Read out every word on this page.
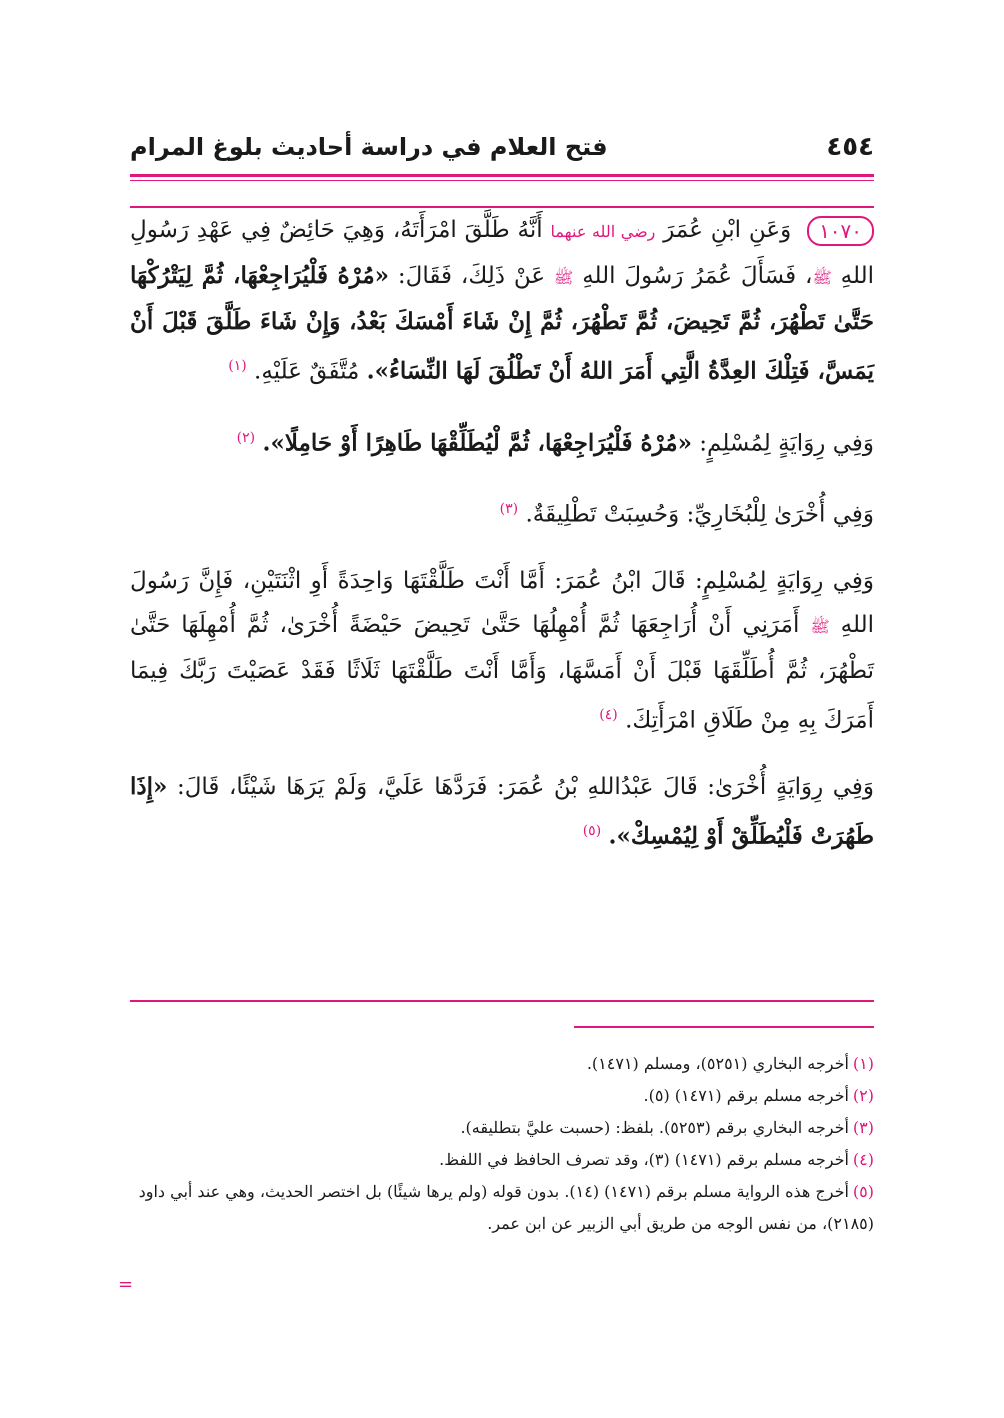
٤٥٤
فتح العلام في دراسة أحاديث بلوغ المرام

١٠٧٠ وَعَنِ ابْنِ عُمَرَ رضي الله عنهما أَنَّهُ طَلَّقَ امْرَأَتَهُ، وَهِيَ حَائِضٌ فِي عَهْدِ رَسُولِ اللهِ ﷺ، فَسَأَلَ عُمَرُ رَسُولَ اللهِ ﷺ عَنْ ذَلِكَ، فَقَالَ: «مُرْهُ فَلْيُرَاجِعْهَا، ثُمَّ لِيَتْرُكْهَا حَتَّىٰ تَطْهُرَ، ثُمَّ تَحِيضَ، ثُمَّ تَطْهُرَ، ثُمَّ إِنْ شَاءَ أَمْسَكَ بَعْدُ، وَإِنْ شَاءَ طَلَّقَ قَبْلَ أَنْ يَمَسَّ، فَتِلْكَ العِدَّةُ الَّتِي أَمَرَ اللهُ أَنْ تَطْلُقَ لَهَا النِّسَاءُ». مُتَّفَقٌ عَلَيْهِ. $^{(١)}$

وَفِي رِوَايَةٍ لِمُسْلِمٍ: «مُرْهُ فَلْيُرَاجِعْهَا، ثُمَّ لْيُطَلِّقْهَا طَاهِرًا أَوْ حَامِلًا». $^{(٢)}$

وَفِي أُخْرَىٰ لِلْبُخَارِيِّ: وَحُسِبَتْ تَطْلِيقَةٌ. $^{(٣)}$

وَفِي رِوَايَةٍ لِمُسْلِمٍ: قَالَ ابْنُ عُمَرَ: أَمَّا أَنْتَ طَلَّقْتَهَا وَاحِدَةً أَوِ اثْنَتَيْنِ، فَإِنَّ رَسُولَ اللهِ ﷺ أَمَرَنِي أَنْ أُرَاجِعَهَا ثُمَّ أُمْهِلُهَا حَتَّىٰ تَحِيضَ حَيْضَةً أُخْرَىٰ، ثُمَّ أُمْهِلَهَا حَتَّىٰ تَطْهُرَ، ثُمَّ أُطَلِّقَهَا قَبْلَ أَنْ أَمَسَّهَا، وَأَمَّا أَنْتَ طَلَّقْتَهَا ثَلَاثًا فَقَدْ عَصَيْتَ رَبَّكَ فِيمَا أَمَرَكَ بِهِ مِنْ طَلَاقِ امْرَأَتِكَ. $^{(٤)}$

وَفِي رِوَايَةٍ أُخْرَىٰ: قَالَ عَبْدُاللهِ بْنُ عُمَرَ: فَرَدَّهَا عَلَيَّ، وَلَمْ يَرَهَا شَيْئًا، قَالَ: «إِذَا طَهُرَتْ فَلْيُطَلِّقْ أَوْ لِيُمْسِكْ». $^{(٥)}$

(١)أخرجه البخاري (٥٢٥١)، ومسلم (١٤٧١).

(٢)أخرجه مسلم برقم (١٤٧١) (٥).

(٣)أخرجه البخاري برقم (٥٢٥٣). بلفظ: (حسبت عليَّ بتطليقه).

(٤)أخرجه مسلم برقم (١٤٧١) (٣)، وقد تصرف الحافظ في اللفظ.

(٥)أخرج هذه الرواية مسلم برقم (١٤٧١) (١٤). بدون قوله (ولم يرها شيئًا) بل اختصر الحديث، وهي عند أبي داود (٢١٨٥)، من نفس الوجه من طريق أبي الزبير عن ابن عمر.

=
